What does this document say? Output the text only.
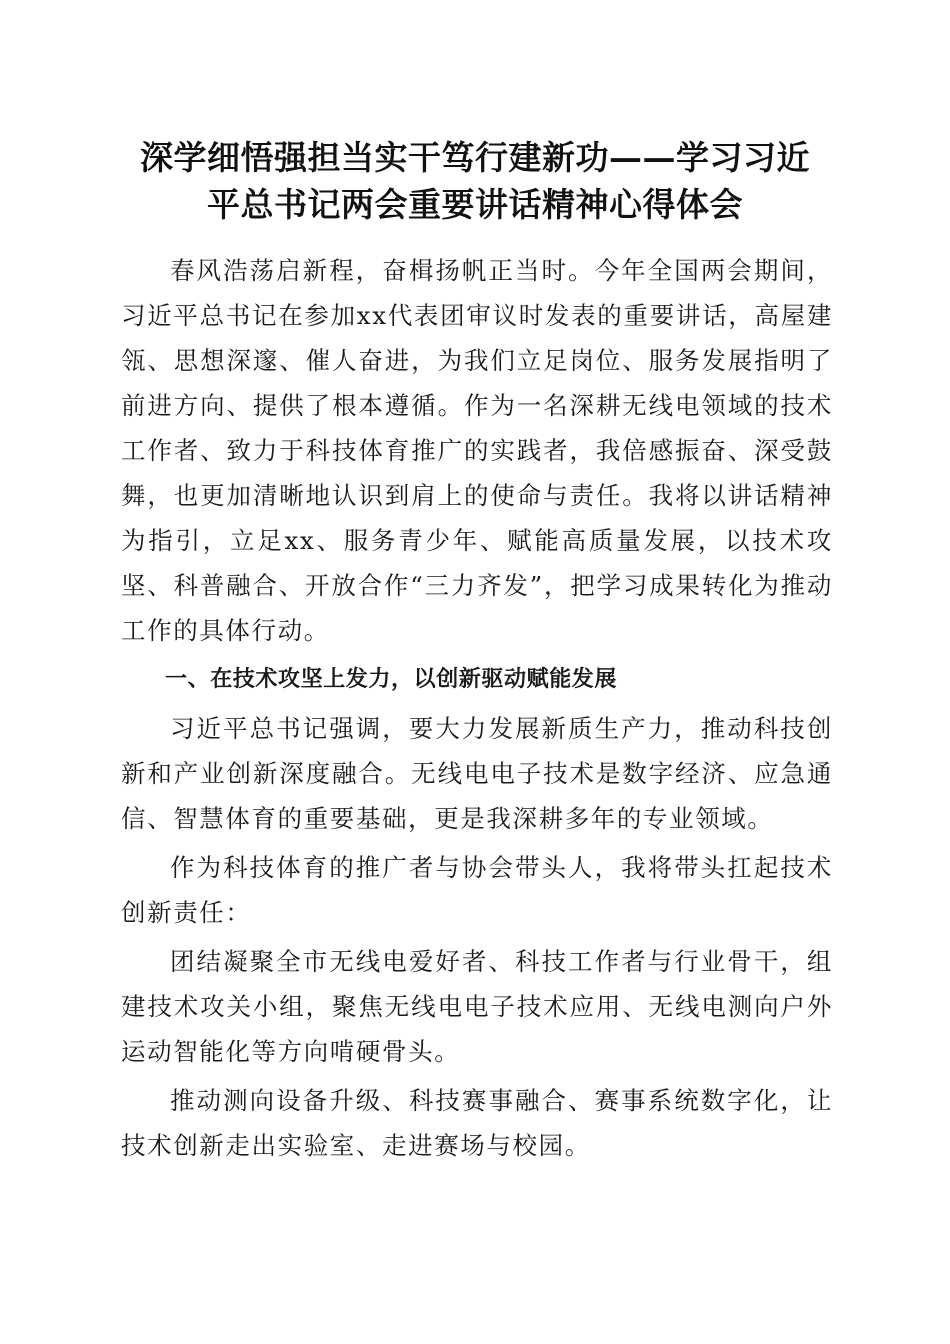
深学细悟强担当实干笃行建新功——学习习近
平总书记两会重要讲话精神心得体会

春风浩荡启新程，奋楫扬帆正当时。今年全国两会期间，习近平总书记在参加xx代表团审议时发表的重要讲话，高屋建瓴、思想深邃、催人奋进，为我们立足岗位、服务发展指明了前进方向、提供了根本遵循。作为一名深耕无线电领域的技术工作者、致力于科技体育推广的实践者，我倍感振奋、深受鼓舞，也更加清晰地认识到肩上的使命与责任。我将以讲话精神为指引，立足xx、服务青少年、赋能高质量发展，以技术攻坚、科普融合、开放合作“三力齐发”，把学习成果转化为推动工作的具体行动。

一、在技术攻坚上发力，以创新驱动赋能发展

习近平总书记强调，要大力发展新质生产力，推动科技创新和产业创新深度融合。无线电电子技术是数字经济、应急通信、智慧体育的重要基础，更是我深耕多年的专业领域。

作为科技体育的推广者与协会带头人，我将带头扛起技术创新责任：

团结凝聚全市无线电爱好者、科技工作者与行业骨干，组建技术攻关小组，聚焦无线电电子技术应用、无线电测向户外运动智能化等方向啃硬骨头。

推动测向设备升级、科技赛事融合、赛事系统数字化，让技术创新走出实验室、走进赛场与校园。
